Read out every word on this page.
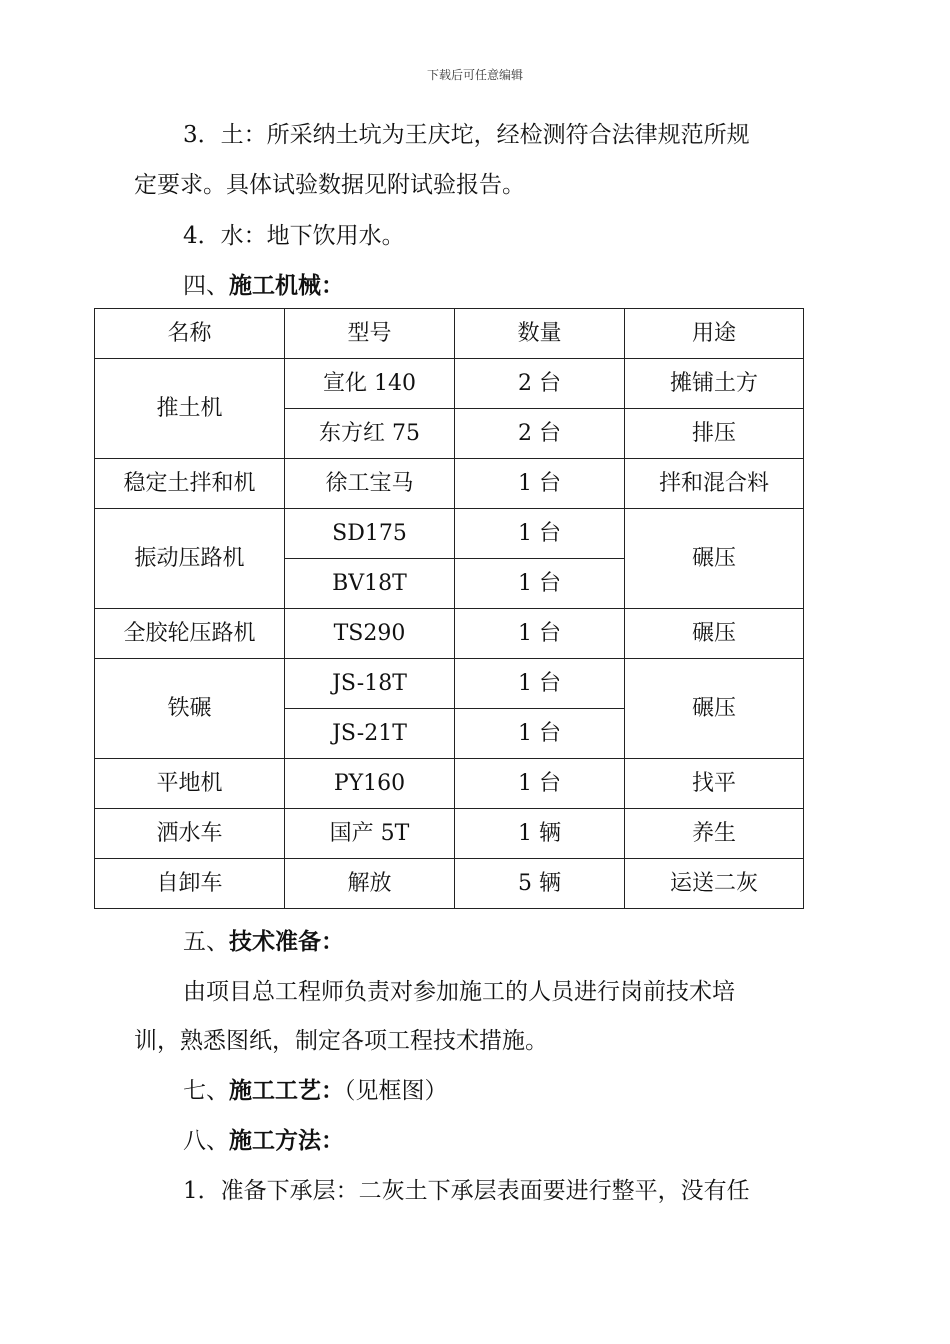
下载后可任意编辑
3．土：所采纳土坑为王庆坨，经检测符合法律规范所规
定要求。具体试验数据见附试验报告。
4．水：地下饮用水。
四、施工机械：
名称	型号	数量	用途
推土机	宣化 140	2 台	摊铺土方
	东方红 75	2 台	排压
稳定土拌和机	徐工宝马	1 台	拌和混合料
振动压路机	SD175	1 台	碾压
	BV18T	1 台	
全胶轮压路机	TS290	1 台	碾压
铁碾	JS-18T	1 台	碾压
	JS-21T	1 台	
平地机	PY160	1 台	找平
洒水车	国产 5T	1 辆	养生
自卸车	解放	5 辆	运送二灰
五、技术准备：
由项目总工程师负责对参加施工的人员进行岗前技术培
训，熟悉图纸，制定各项工程技术措施。
七、施工工艺：（见框图）
八、施工方法：
1．准备下承层：二灰土下承层表面要进行整平，没有任
